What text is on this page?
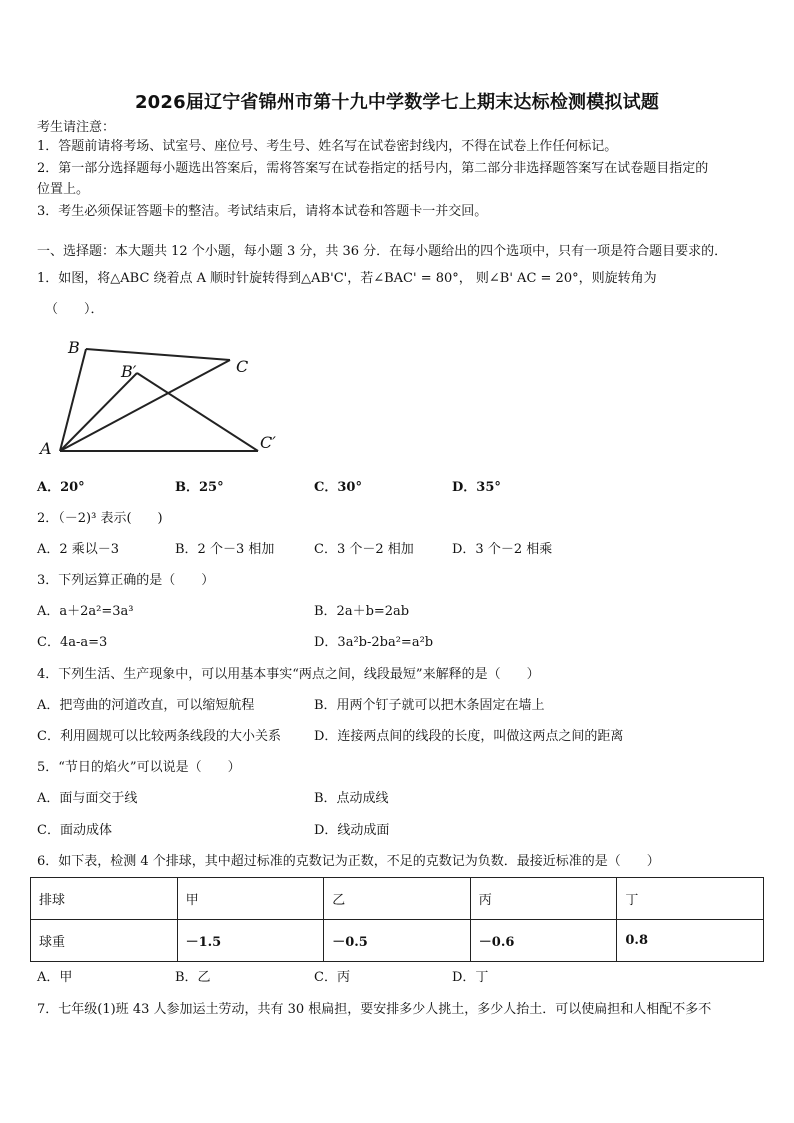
2026届辽宁省锦州市第十九中学数学七上期末达标检测模拟试题
考生请注意：
1．答题前请将考场、试室号、座位号、考生号、姓名写在试卷密封线内，不得在试卷上作任何标记。
2．第一部分选择题每小题选出答案后，需将答案写在试卷指定的括号内，第二部分非选择题答案写在试卷题目指定的
位置上。
3．考生必须保证答题卡的整洁。考试结束后，请将本试卷和答题卡一并交回。
一、选择题：本大题共 12 个小题，每小题 3 分，共 36 分．在每小题给出的四个选项中，只有一项是符合题目要求的．
1．如图，将△ABC 绕着点 A 顺时针旋转得到△AB'C'，若∠BAC' = 80°， 则∠B' AC = 20°，则旋转角为
（　　）．
B
B′	C
A	C′
A．20°	B．25°	C．30°	D．35°
2．（－2)³ 表示(　　)
A．2 乘以－3	B．2 个－3 相加	C．3 个－2 相加	D．3 个－2 相乘
3．下列运算正确的是（　　）
A．a＋2a²=3a³	B．2a＋b=2ab
C．4a-a=3	D．3a²b-2ba²=a²b
4．下列生活、生产现象中，可以用基本事实“两点之间，线段最短”来解释的是（　　）
A．把弯曲的河道改直，可以缩短航程	B．用两个钉子就可以把木条固定在墙上
C．利用圆规可以比较两条线段的大小关系	D．连接两点间的线段的长度，叫做这两点之间的距离
5．“节日的焰火”可以说是（　　）
A．面与面交于线	B．点动成线
C．面动成体	D．线动成面
6．如下表，检测 4 个排球，其中超过标准的克数记为正数，不足的克数记为负数．最接近标准的是（　　）
排球	甲	乙	丙	丁
球重	－1.5	－0.5	－0.6	0.8
A．甲	B．乙	C．丙	D．丁
7．七年级(1)班 43 人参加运土劳动，共有 30 根扁担，要安排多少人挑土，多少人抬土．可以使扁担和人相配不多不
